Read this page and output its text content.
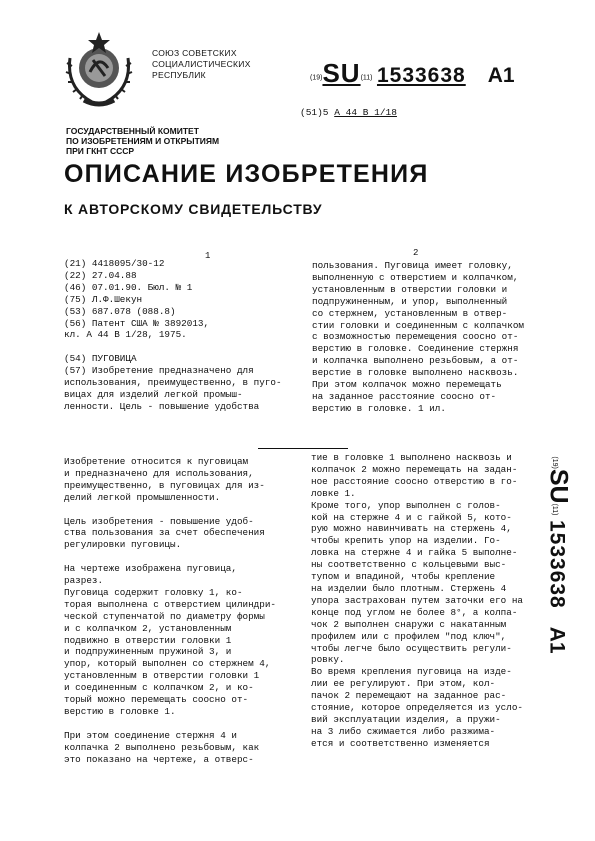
СОЮЗ СОВЕТСКИХ
СОЦИАЛИСТИЧЕСКИХ
РЕСПУБЛИК	(19)SU(11) 1533638 A1
(51)5 A 44 B 1/18
ГОСУДАРСТВЕННЫЙ КОМИТЕТ
ПО ИЗОБРЕТЕНИЯМ И ОТКРЫТИЯМ
ПРИ ГКНТ СССР
ОПИСАНИЕ ИЗОБРЕТЕНИЯ
К АВТОРСКОМУ СВИДЕТЕЛЬСТВУ
1	2
(21) 4418095/30-12
(22) 27.04.88
(46) 07.01.90. Бюл. № 1
(75) Л.Ф.Шекун
(53) 687.078 (088.8)
(56) Патент США № 3892013,
кл. А 44 В 1/28, 1975.
(54) ПУГОВИЦА
(57) Изобретение предназначено для
использования, преимущественно, в пуго-
вицах для изделий легкой промыш-
ленности. Цель - повышение удобства
пользования. Пуговица имеет головку,
выполненную с отверстием и колпачком,
установленным в отверстии головки и
подпружиненным, и упор, выполненный
со стержнем, установленным в отвер-
стии головки и соединенным с колпачком
с возможностью перемещения соосно от-
верстию в головке. Соединение стержня
и колпачка выполнено резьбовым, а от-
верстие в головке выполнено насквозь.
При этом колпачок можно перемещать
на заданное расстояние соосно от-
верстию в головке. 1 ил.
Изобретение относится к пуговицам
и предназначено для использования,
преимущественно, в пуговицах для из-
делий легкой промышленности.
Цель изобретения - повышение удоб-
ства пользования за счет обеспечения
регулировки пуговицы.
На чертеже изображена пуговица,
разрез.
Пуговица содержит головку 1, ко-
торая выполнена с отверстием цилиндри-
ческой ступенчатой по диаметру формы
и с колпачком 2, установленным
подвижно в отверстии головки 1
и подпружиненным пружиной 3, и
упор, который выполнен со стержнем 4,
установленным в отверстии головки 1
и соединенным с колпачком 2, и ко-
торый можно перемещать соосно от-
верстию в головке 1.
При этом соединение стержня 4 и
колпачка 2 выполнено резьбовым, как
это показано на чертеже, а отверс-
тие в головке 1 выполнено насквозь и
колпачок 2 можно перемещать на задан-
ное расстояние соосно отверстию в го-
ловке 1.
Кроме того, упор выполнен с голов-
кой на стержне 4 и с гайкой 5, кото-
рую можно навинчивать на стержень 4,
чтобы крепить упор на изделии. Го-
ловка на стержне 4 и гайка 5 выполне-
ны соответственно с кольцевыми выс-
тупом и впадиной, чтобы крепление
на изделии было плотным. Стержень 4
упора застрахован путем заточки его на
конце под углом не более 8°, а колпа-
чок 2 выполнен снаружи с накатанным
профилем или с профилем "под ключ",
чтобы легче было осуществить регули-
ровку.
Во время крепления пуговица на изде-
лии ее регулируют. При этом, кол-
пачок 2 перемещают на заданное рас-
стояние, которое определяется из усло-
вий эксплуатации изделия, а пружи-
на 3 либо сжимается либо разжима-
ется и соответственно изменяется
(19)SU(11) 1533638A1
